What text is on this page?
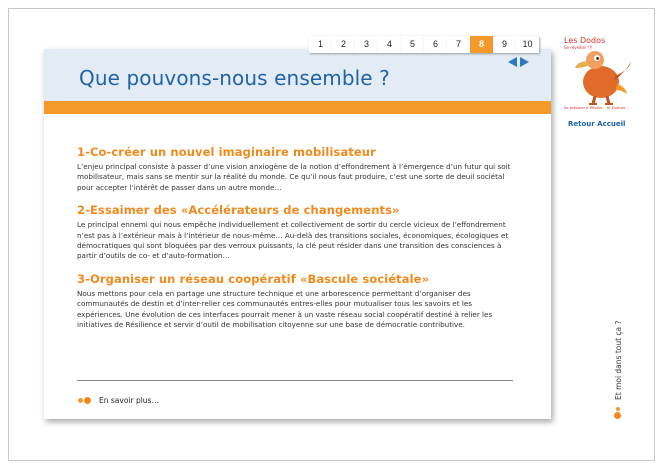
Que pouvons-nous ensemble ?
1	2	3	4	5	6	7	8	9	10	Les Dodos
Se réveiller !!!
Se préparer à Résilier... et Evoluer...
Retour Accueil
1-Co-créer un nouvel imaginaire mobilisateur

L’enjeu principal consiste à passer d’une vision anxiogène de la notion d’effondrement à l’émergence d’un futur qui soit mobilisateur, mais sans se mentir sur la réalité du monde. Ce qu’il nous faut produire, c’est une sorte de deuil sociétal pour accepter l’intérêt de passer dans un autre monde…

2-Essaimer des «Accélérateurs de changements»

Le principal ennemi qui nous empêche individuellement et collectivement de sortir du cercle vicieux de l’effondrement n’est pas à l’extérieur mais à l’intérieur de nous-même… Au-delà des transitions sociales, économiques, écologiques et démocratiques qui sont bloquées par des verroux puissants, la clé peut résider dans une transition des consciences à partir d’outils de co- et d’auto-formation…

3-Organiser un réseau coopératif «Bascule sociétale»

Nous mettons pour cela en partage une structure technique et une arborescence permettant d’organiser des communautés de destin et d’inter-relier ces communautés entres-elles pour mutualiser tous les savoirs et les expériences. Une évolution de ces interfaces pourrait mener à un vaste réseau social coopératif destiné à relier les initiatives de Résilience et servir d’outil de mobilisation citoyenne sur une base de démocratie contributive.

En savoir plus…
Et moi dans tout ça ?
